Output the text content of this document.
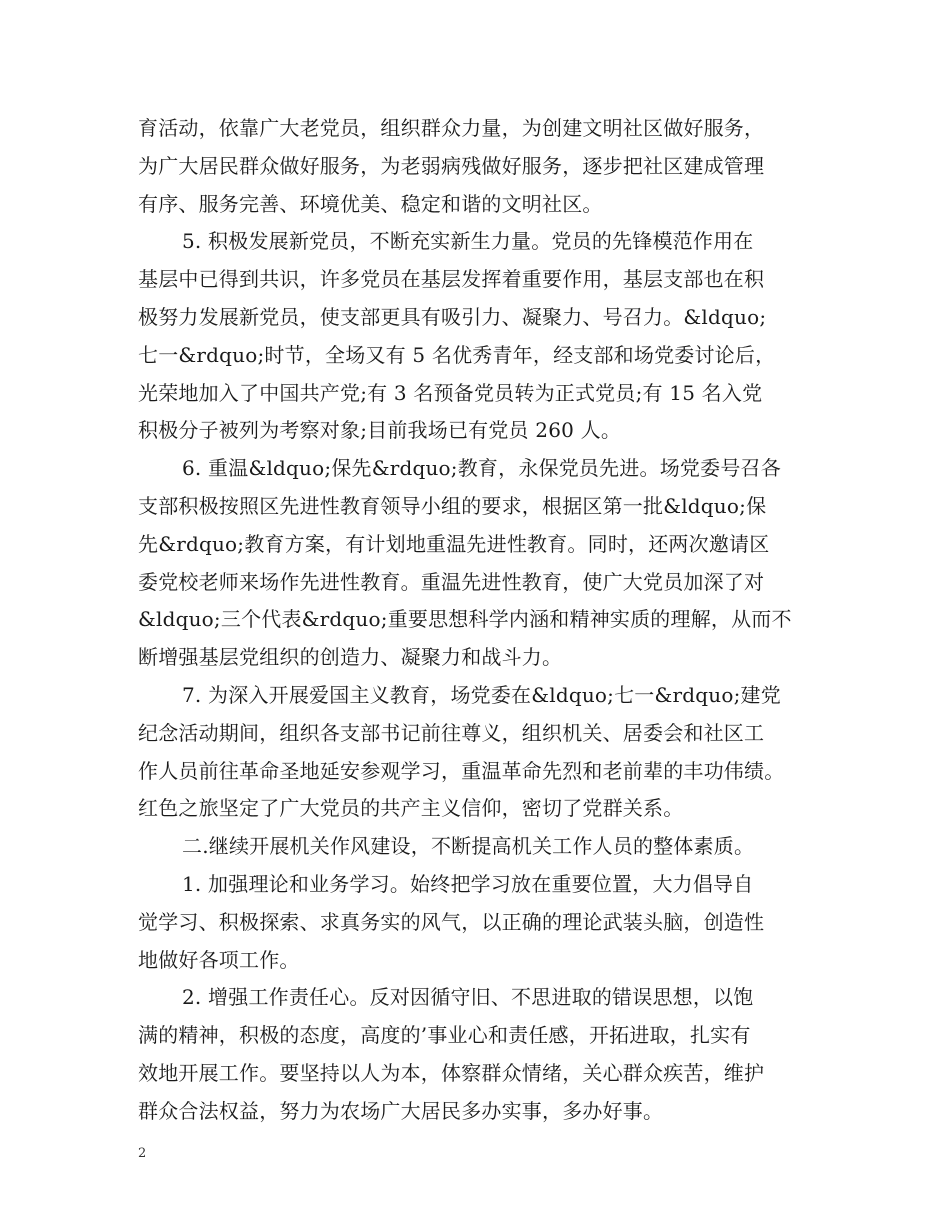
育活动，依靠广大老党员，组织群众力量，为创建文明社区做好服务，
为广大居民群众做好服务，为老弱病残做好服务，逐步把社区建成管理
有序、服务完善、环境优美、稳定和谐的文明社区。
5. 积极发展新党员，不断充实新生力量。党员的先锋模范作用在
基层中已得到共识，许多党员在基层发挥着重要作用，基层支部也在积
极努力发展新党员，使支部更具有吸引力、凝聚力、号召力。&ldquo;
七一&rdquo;时节，全场又有 5 名优秀青年，经支部和场党委讨论后，
光荣地加入了中国共产党;有 3 名预备党员转为正式党员;有 15 名入党
积极分子被列为考察对象;目前我场已有党员 260 人。
6. 重温&ldquo;保先&rdquo;教育，永保党员先进。场党委号召各
支部积极按照区先进性教育领导小组的要求，根据区第一批&ldquo;保
先&rdquo;教育方案，有计划地重温先进性教育。同时，还两次邀请区
委党校老师来场作先进性教育。重温先进性教育，使广大党员加深了对
&ldquo;三个代表&rdquo;重要思想科学内涵和精神实质的理解，从而不
断增强基层党组织的创造力、凝聚力和战斗力。
7. 为深入开展爱国主义教育，场党委在&ldquo;七一&rdquo;建党
纪念活动期间，组织各支部书记前往尊义，组织机关、居委会和社区工
作人员前往革命圣地延安参观学习，重温革命先烈和老前辈的丰功伟绩。
红色之旅坚定了广大党员的共产主义信仰，密切了党群关系。
二.继续开展机关作风建设，不断提高机关工作人员的整体素质。
1. 加强理论和业务学习。始终把学习放在重要位置，大力倡导自
觉学习、积极探索、求真务实的风气，以正确的理论武装头脑，创造性
地做好各项工作。
2. 增强工作责任心。反对因循守旧、不思进取的错误思想，以饱
满的精神，积极的态度，高度的’事业心和责任感，开拓进取，扎实有
效地开展工作。要坚持以人为本，体察群众情绪，关心群众疾苦，维护
群众合法权益，努力为农场广大居民多办实事，多办好事。
2
